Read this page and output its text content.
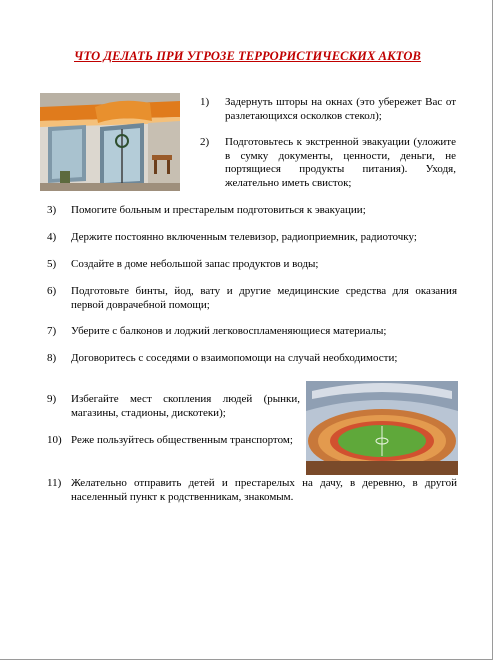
ЧТО ДЕЛАТЬ ПРИ УГРОЗЕ ТЕРРОРИСТИЧЕСКИХ АКТОВ
1)	Задернуть шторы на окнах (это убережет Вас от разлетающихся осколков стекол);
2)	Подготовьтесь к экстренной эвакуации (уложите в сумку документы, ценности, деньги, не портящиеся продукты питания). Уходя, желательно иметь свисток;
3)	Помогите больным и престарелым подготовиться к эвакуации;
4)	Держите постоянно включенным телевизор, радиоприемник, радиоточку;
5)	Создайте в доме небольшой запас продуктов и воды;
6)	Подготовьте бинты, йод, вату и другие медицинские средства для оказания первой доврачебной помощи;
7)	Уберите с балконов и лоджий легковоспламеняющиеся материалы;
8)	Договоритесь с соседями о взаимопомощи на случай необходимости;
9)	Избегайте мест скопления людей (рынки, магазины, стадионы, дискотеки);
10) Реже пользуйтесь общественным транспортом;
11) Желательно отправить детей и престарелых на дачу, в деревню, в другой населенный пункт к родственникам, знакомым.
